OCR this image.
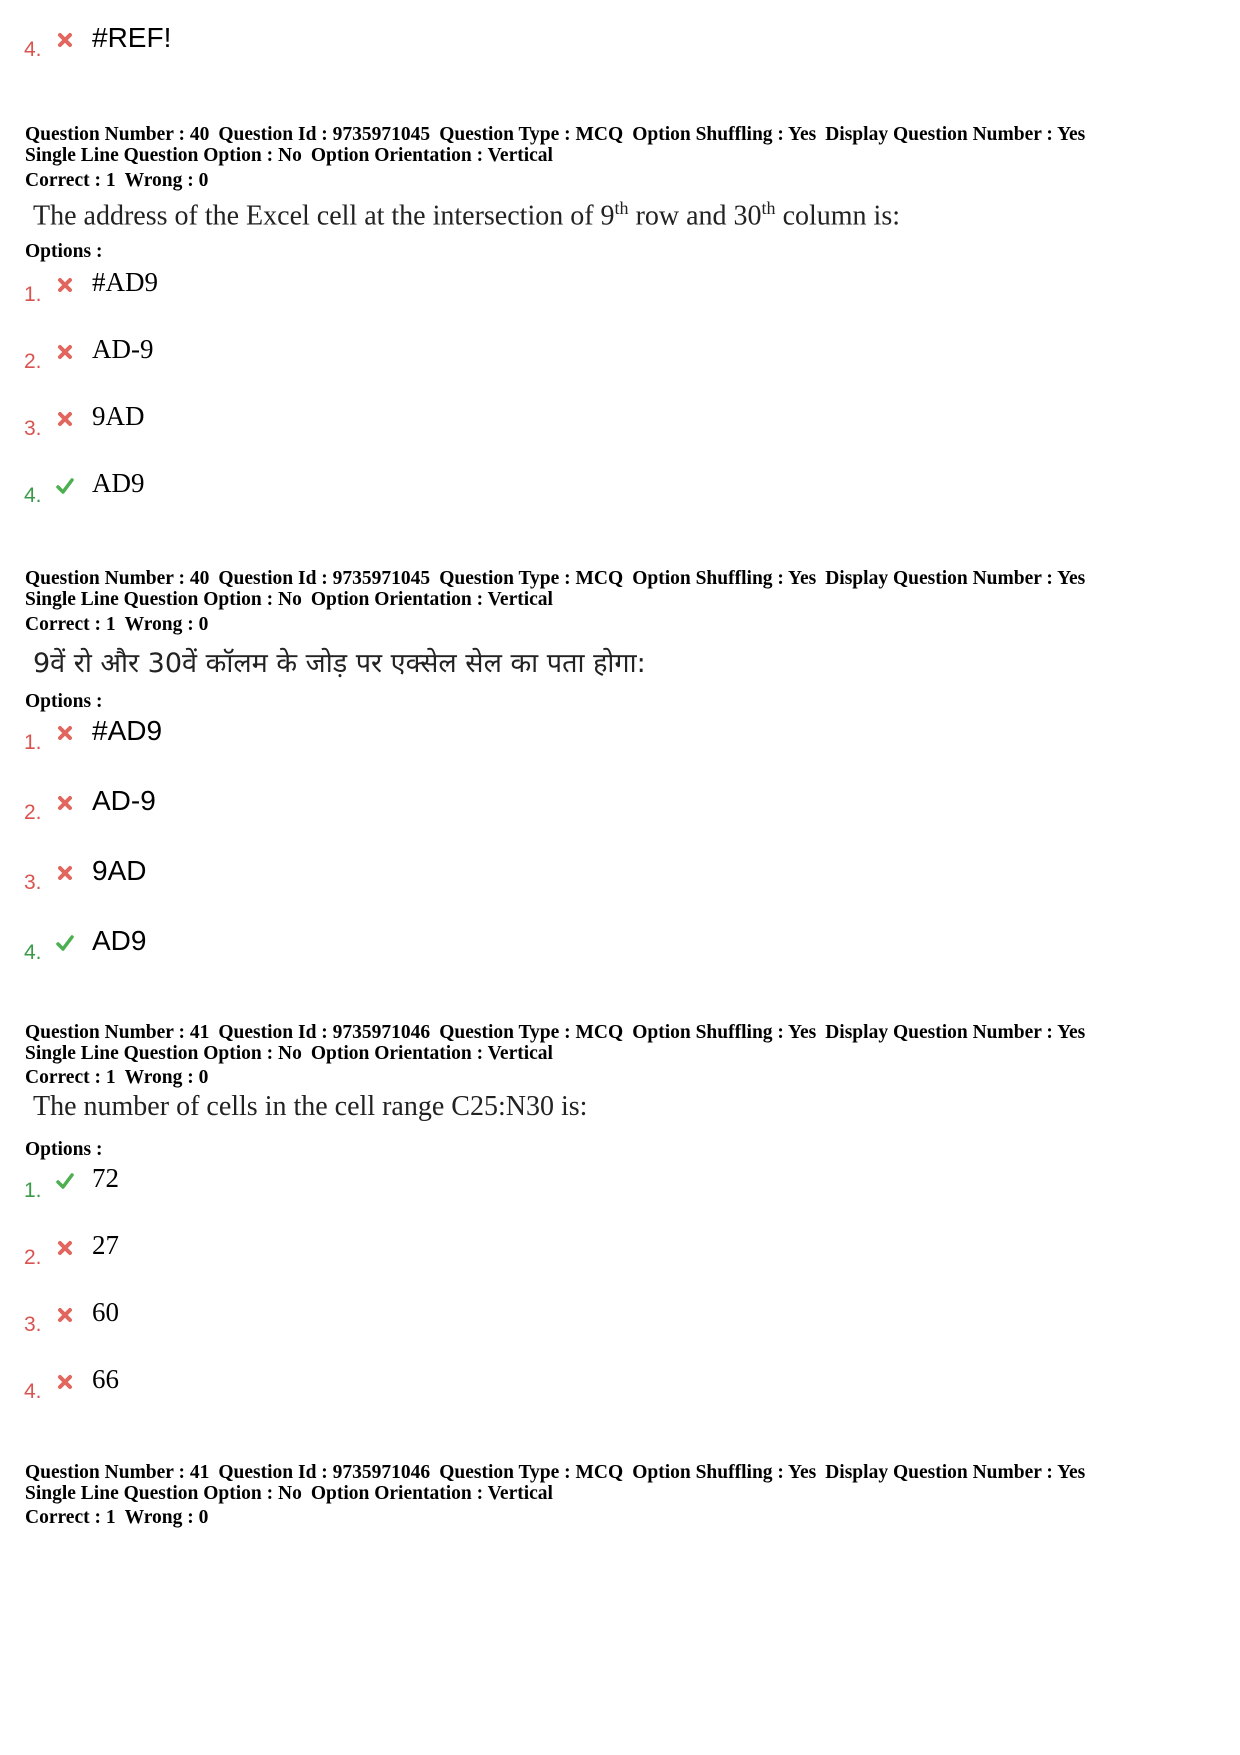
4. #REF!
Question Number : 40 Question Id : 9735971045 Question Type : MCQ Option Shuffling : Yes Display Question Number : Yes
Single Line Question Option : No Option Orientation : Vertical
Correct : 1 Wrong : 0
The address of the Excel cell at the intersection of 9th row and 30th column is:
Options :
1. #AD9
2. AD-9
3. 9AD
4. AD9
Question Number : 40 Question Id : 9735971045 Question Type : MCQ Option Shuffling : Yes Display Question Number : Yes
Single Line Question Option : No Option Orientation : Vertical
Correct : 1 Wrong : 0
9वें रो और 30वें कॉलम के जोड़ पर एक्सेल सेल का पता होगा:
Options :
1. #AD9
2. AD-9
3. 9AD
4. AD9
Question Number : 41 Question Id : 9735971046 Question Type : MCQ Option Shuffling : Yes Display Question Number : Yes
Single Line Question Option : No Option Orientation : Vertical
Correct : 1 Wrong : 0
The number of cells in the cell range C25:N30 is:
Options :
1. 72
2. 27
3. 60
4. 66
Question Number : 41 Question Id : 9735971046 Question Type : MCQ Option Shuffling : Yes Display Question Number : Yes
Single Line Question Option : No Option Orientation : Vertical
Correct : 1 Wrong : 0
